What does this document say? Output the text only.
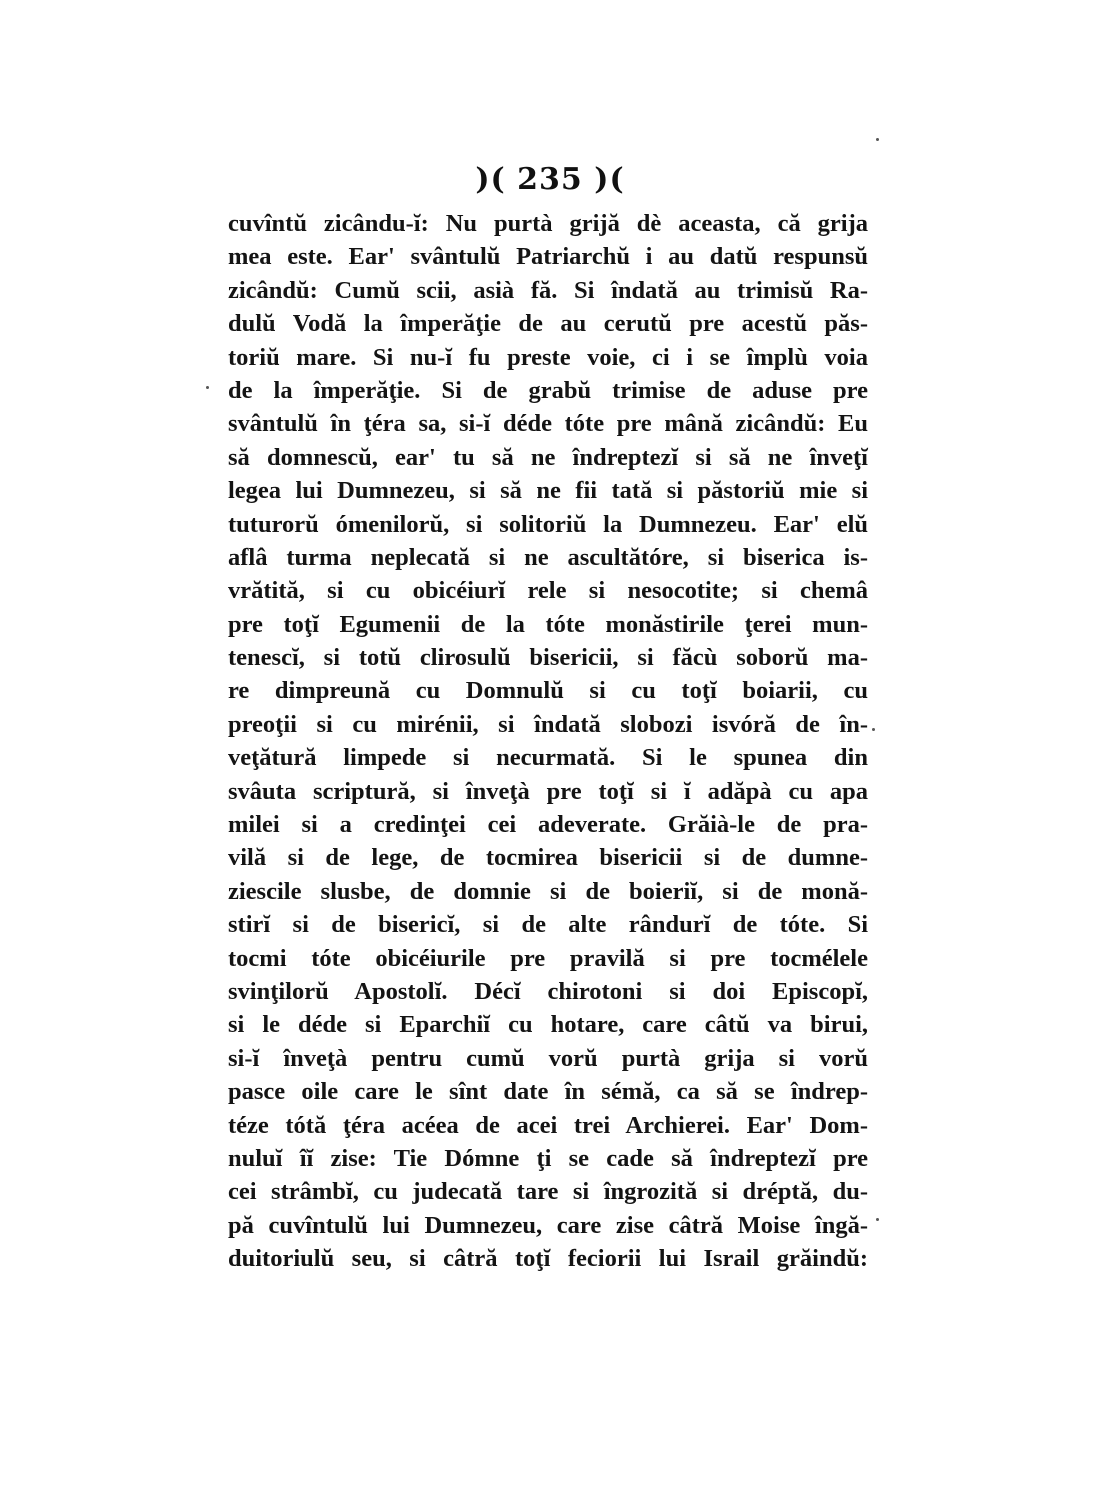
)( 235 )(
cuvîntŭ zicându-ĭ: Nu purtà grijă dè aceasta, că grija
mea este. Ear' svântulŭ Patriarchŭ i au datŭ respunsŭ
zicândŭ: Cumŭ scii, asià fă. Si îndată au trimisŭ Ra-
dulŭ Vodă la împerăţie de au cerutŭ pre acestŭ păs-
toriŭ mare. Si nu-ĭ fu preste voie, ci i se împlù voia
de la împerăţie. Si de grabŭ trimise de aduse pre
svântulŭ în ţéra sa, si-ĭ déde tóte pre mână zicândŭ: Eu
să domnescŭ, ear' tu să ne îndreptezĭ si să ne înveţĭ
legea lui Dumnezeu, si să ne fii tată si păstoriŭ mie si
tuturorŭ ómenilorŭ, si solitoriŭ la Dumnezeu. Ear' elŭ
aflâ turma neplecată si ne ascultătóre, si biserica is-
vrătită, si cu obicéiurĭ rele si nesocotite; si chemâ
pre toţĭ Egumenii de la tóte monăstirile ţerei mun-
tenescĭ, si totŭ clirosulŭ bisericii, si făcù soborŭ ma-
re dimpreună cu Domnulŭ si cu toţĭ boiarii, cu
preoţii si cu mirénii, si îndată slobozi isvóră de în-
veţătură limpede si necurmată. Si le spunea din
svâuta scriptură, si înveţà pre toţĭ si ĭ adăpà cu apa
milei si a credinţei cei adeverate. Grăià-le de pra-
vilă si de lege, de tocmirea bisericii si de dumne-
ziescile slusbe, de domnie si de boieriĭ, si de monă-
stirĭ si de bisericĭ, si de alte rândurĭ de tóte. Si
tocmi tóte obicéiurile pre pravilă si pre tocmélele
svinţilorŭ Apostolĭ. Décĭ chirotoni si doi Episcopĭ,
si le déde si Eparchiĭ cu hotare, care câtŭ va birui,
si-ĭ înveţà pentru cumŭ vorŭ purtà grija si vorŭ
pasce oile care le sînt date în sémă, ca să se îndrep-
téze tótă ţéra acéea de acei trei Archierei. Ear' Dom-
nuluĭ îĭ zise: Tie Dómne ţi se cade să îndreptezĭ pre
cei strâmbĭ, cu judecată tare si îngrozită si dréptă, du-
pă cuvîntulŭ lui Dumnezeu, care zise câtră Moise îngă-
duitoriulŭ seu, si câtră toţĭ feciorii lui Israil grăindŭ:
